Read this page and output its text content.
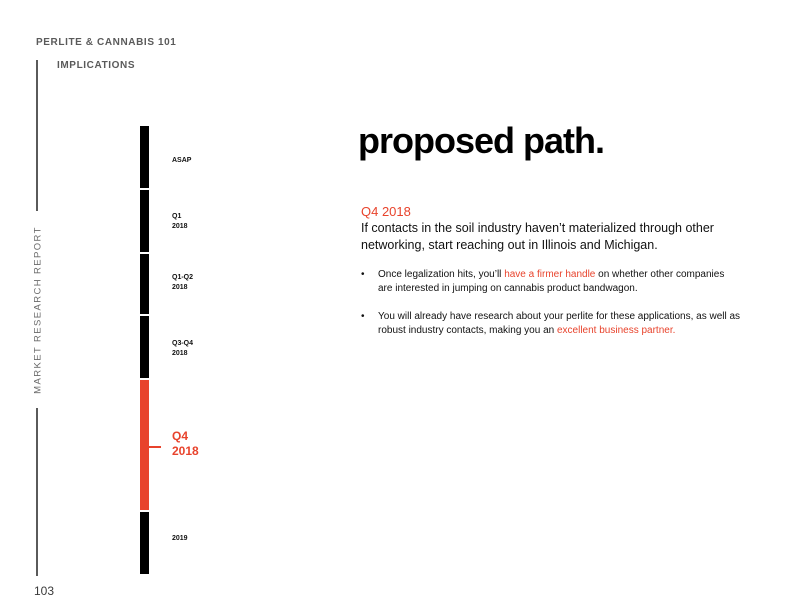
PERLITE & CANNABIS 101
IMPLICATIONS
MARKET RESEARCH REPORT
103
ASAP
Q1
2018
Q1-Q2
2018
Q3-Q4
2018
Q4
2018
2019
proposed path.
Q4 2018
If contacts in the soil industry haven’t materialized through other networking, start reaching out in Illinois and Michigan.
• Once legalization hits, you’ll have a firmer handle on whether other companies are interested in jumping on cannabis product bandwagon.
• You will already have research about your perlite for these applications, as well as robust industry contacts, making you an excellent business partner.
